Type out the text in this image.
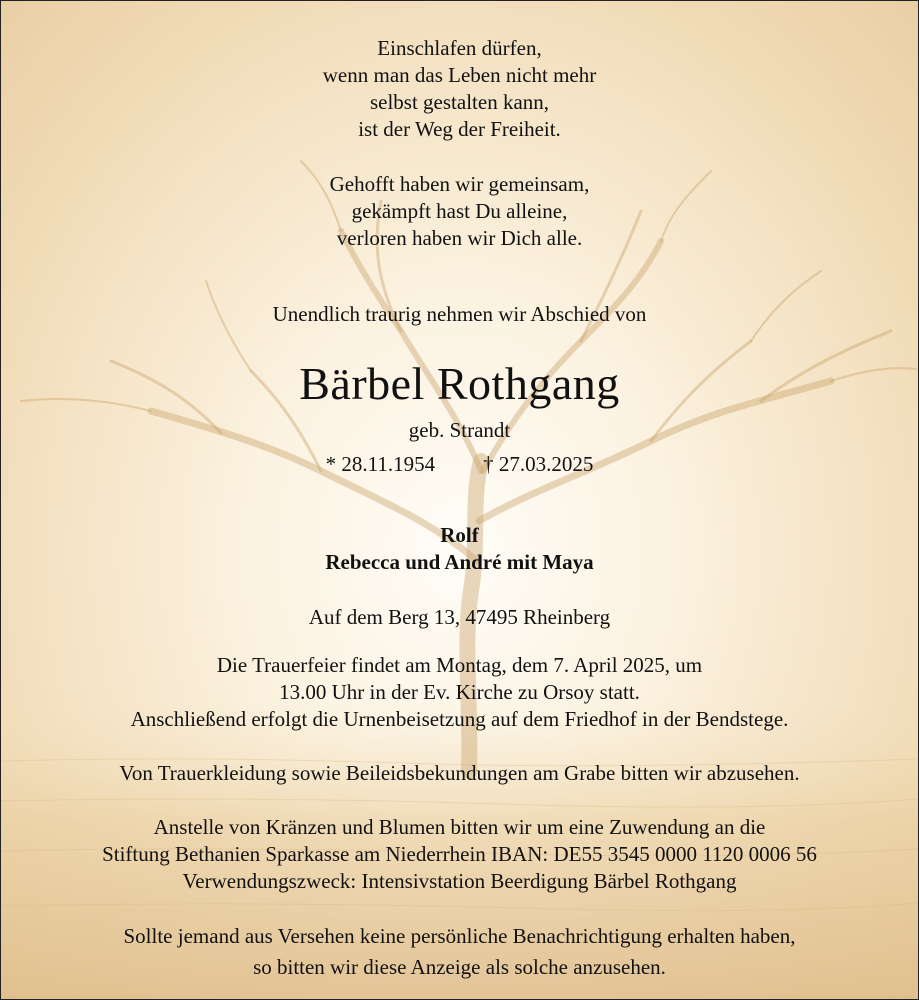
Einschlafen dürfen,
wenn man das Leben nicht mehr
selbst gestalten kann,
ist der Weg der Freiheit.
Gehofft haben wir gemeinsam,
gekämpft hast Du alleine,
verloren haben wir Dich alle.
Unendlich traurig nehmen wir Abschied von
Bärbel Rothgang
geb. Strandt
* 28.11.1954 † 27.03.2025
Rolf
Rebecca und André mit Maya
Auf dem Berg 13, 47495 Rheinberg
Die Trauerfeier findet am Montag, dem 7. April 2025, um
13.00 Uhr in der Ev. Kirche zu Orsoy statt.
Anschließend erfolgt die Urnenbeisetzung auf dem Friedhof in der Bendstege.
Von Trauerkleidung sowie Beileidsbekundungen am Grabe bitten wir abzusehen.
Anstelle von Kränzen und Blumen bitten wir um eine Zuwendung an die
Stiftung Bethanien Sparkasse am Niederrhein IBAN: DE55 3545 0000 1120 0006 56
Verwendungszweck: Intensivstation Beerdigung Bärbel Rothgang
Sollte jemand aus Versehen keine persönliche Benachrichtigung erhalten haben,
so bitten wir diese Anzeige als solche anzusehen.
